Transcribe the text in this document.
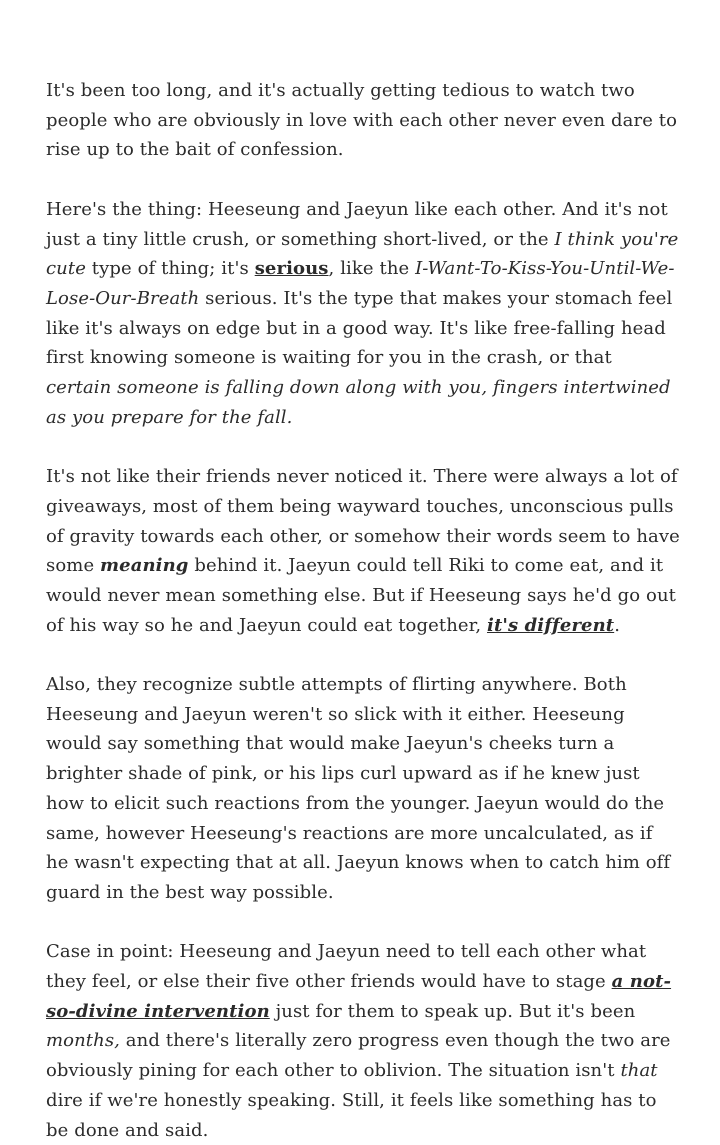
It's been too long, and it's actually getting tedious to watch two people who are obviously in love with each other never even dare to rise up to the bait of confession.

Here's the thing: Heeseung and Jaeyun like each other. And it's not just a tiny little crush, or something short-lived, or the I think you're cute type of thing; it's serious, like the I-Want-To-Kiss-You-Until-We-Lose-Our-Breath serious. It's the type that makes your stomach feel like it's always on edge but in a good way. It's like free-falling head first knowing someone is waiting for you in the crash, or that certain someone is falling down along with you, fingers intertwined as you prepare for the fall.

It's not like their friends never noticed it. There were always a lot of giveaways, most of them being wayward touches, unconscious pulls of gravity towards each other, or somehow their words seem to have some meaning behind it. Jaeyun could tell Riki to come eat, and it would never mean something else. But if Heeseung says he'd go out of his way so he and Jaeyun could eat together, it's different.

Also, they recognize subtle attempts of flirting anywhere. Both Heeseung and Jaeyun weren't so slick with it either. Heeseung would say something that would make Jaeyun's cheeks turn a brighter shade of pink, or his lips curl upward as if he knew just how to elicit such reactions from the younger. Jaeyun would do the same, however Heeseung's reactions are more uncalculated, as if he wasn't expecting that at all. Jaeyun knows when to catch him off guard in the best way possible.

Case in point: Heeseung and Jaeyun need to tell each other what they feel, or else their five other friends would have to stage a not-so-divine intervention just for them to speak up. But it's been months, and there's literally zero progress even though the two are obviously pining for each other to oblivion. The situation isn't that dire if we're honestly speaking. Still, it feels like something has to be done and said.
